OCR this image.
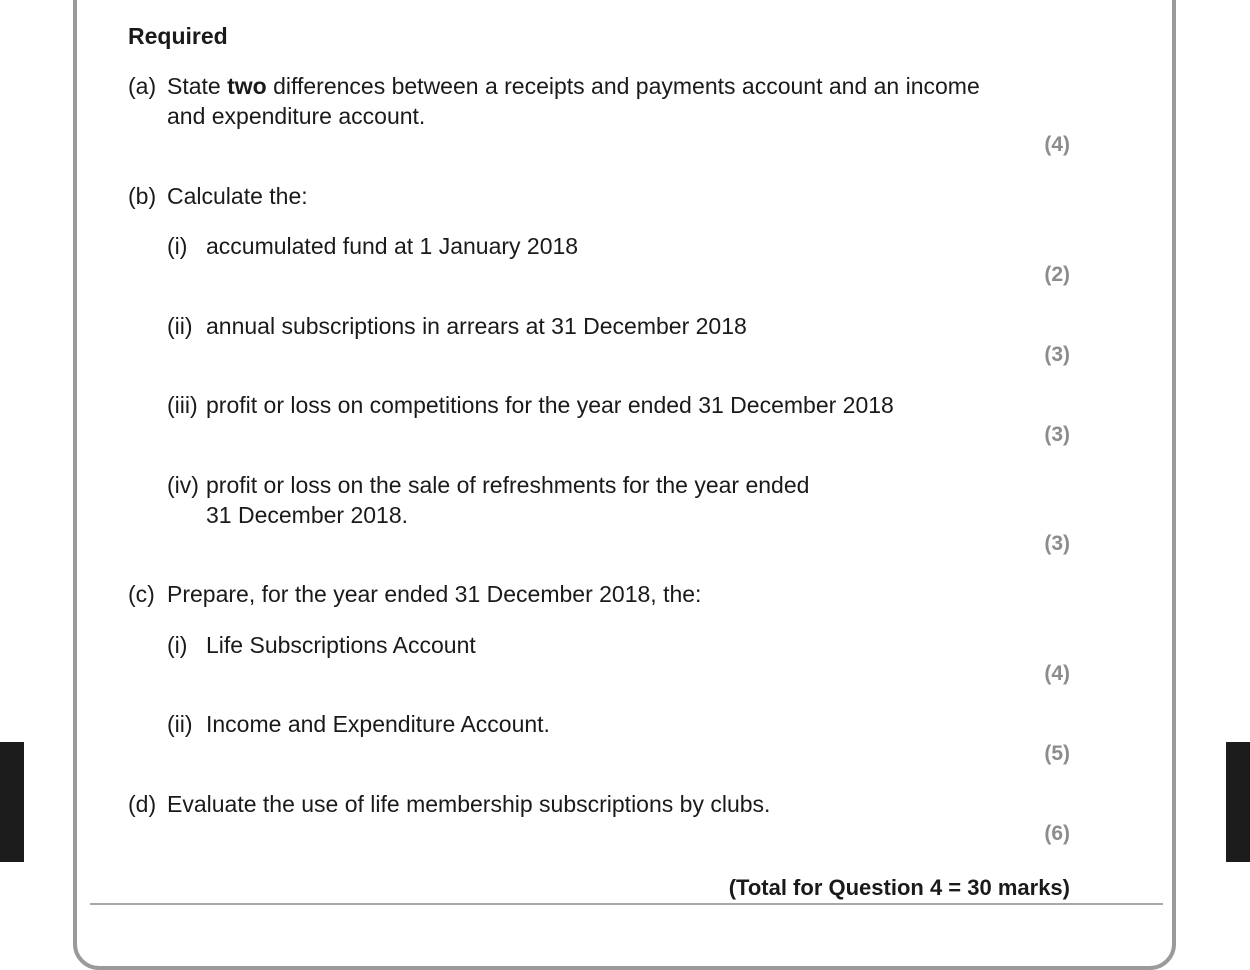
Required
(a) State two differences between a receipts and payments account and an income
and expenditure account.
(4)
(b) Calculate the:
(i) accumulated fund at 1 January 2018
(2)
(ii) annual subscriptions in arrears at 31 December 2018
(3)
(iii) profit or loss on competitions for the year ended 31 December 2018
(3)
(iv) profit or loss on the sale of refreshments for the year ended
31 December 2018.
(3)
(c) Prepare, for the year ended 31 December 2018, the:
(i) Life Subscriptions Account
(4)
(ii) Income and Expenditure Account.
(5)
(d) Evaluate the use of life membership subscriptions by clubs.
(6)
(Total for Question 4 = 30 marks)
